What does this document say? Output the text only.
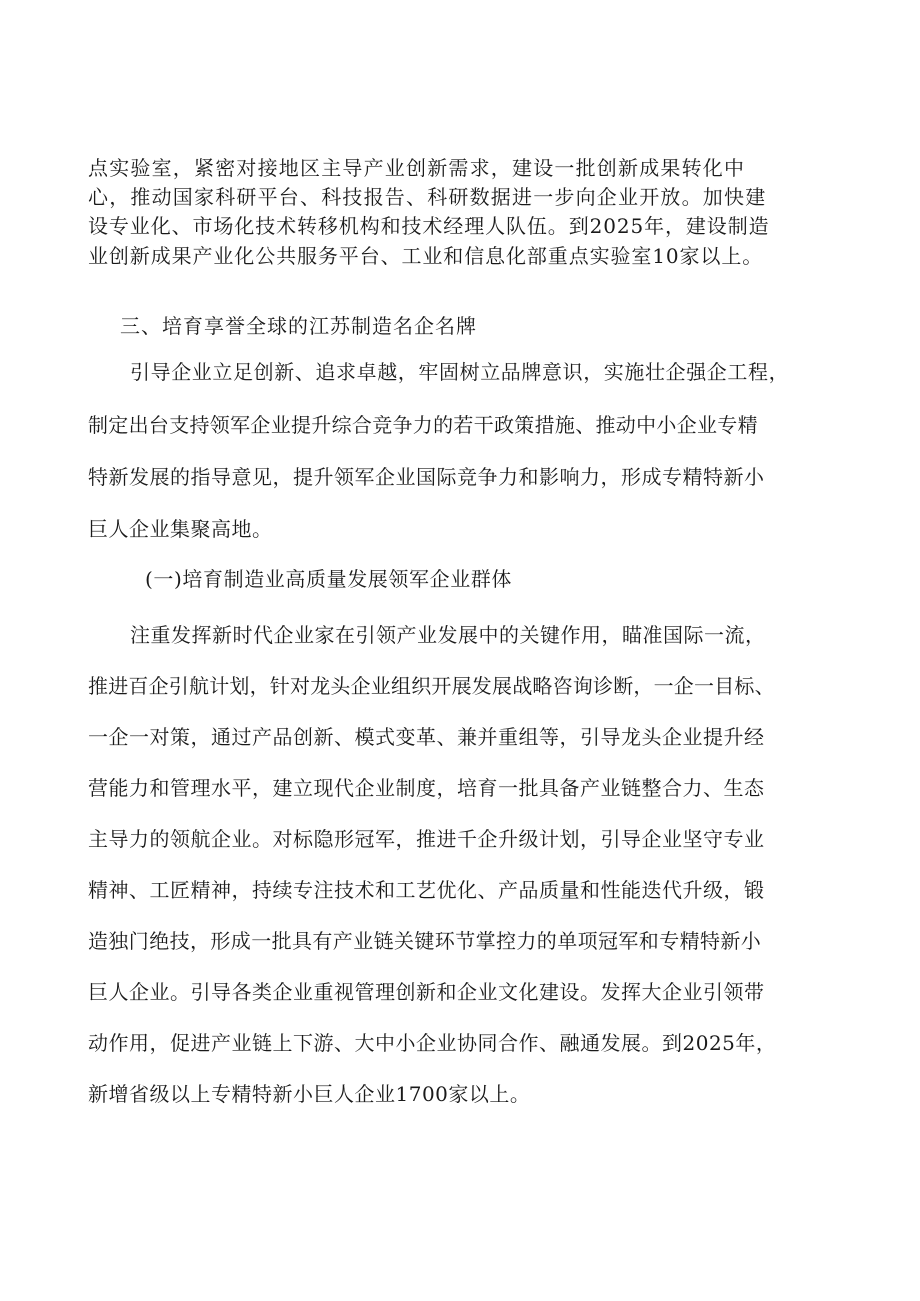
点实验室，紧密对接地区主导产业创新需求，建设一批创新成果转化中
心，推动国家科研平台、科技报告、科研数据进一步向企业开放。加快建
设专业化、市场化技术转移机构和技术经理人队伍。到2025年，建设制造
业创新成果产业化公共服务平台、工业和信息化部重点实验室10家以上。
三、培育享誉全球的江苏制造名企名牌
引导企业立足创新、追求卓越，牢固树立品牌意识，实施壮企强企工程，
制定出台支持领军企业提升综合竞争力的若干政策措施、推动中小企业专精
特新发展的指导意见，提升领军企业国际竞争力和影响力，形成专精特新小
巨人企业集聚高地。
(一)培育制造业高质量发展领军企业群体
注重发挥新时代企业家在引领产业发展中的关键作用，瞄准国际一流，
推进百企引航计划，针对龙头企业组织开展发展战略咨询诊断，一企一目标、
一企一对策，通过产品创新、模式变革、兼并重组等，引导龙头企业提升经
营能力和管理水平，建立现代企业制度，培育一批具备产业链整合力、生态
主导力的领航企业。对标隐形冠军，推进千企升级计划，引导企业坚守专业
精神、工匠精神，持续专注技术和工艺优化、产品质量和性能迭代升级，锻
造独门绝技，形成一批具有产业链关键环节掌控力的单项冠军和专精特新小
巨人企业。引导各类企业重视管理创新和企业文化建设。发挥大企业引领带
动作用，促进产业链上下游、大中小企业协同合作、融通发展。到2025年，
新增省级以上专精特新小巨人企业1700家以上。
